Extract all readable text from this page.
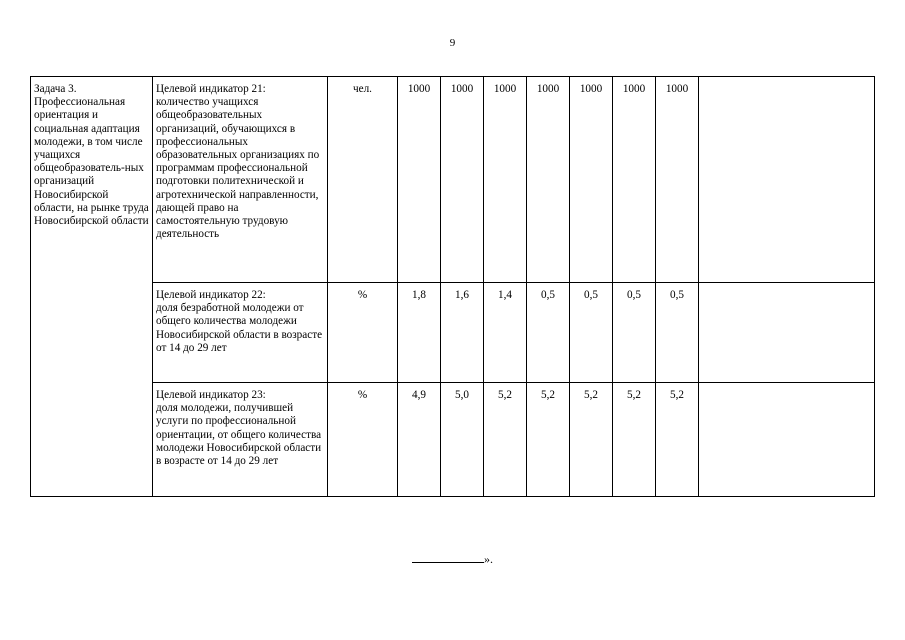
9
Задача 3. Профессиональная ориентация и социальная адаптация молодежи, в том числе учащихся общеобразователь-ных организаций Новосибирской области, на рынке труда Новосибирской области	Целевой индикатор 21:
количество учащихся общеобразовательных организаций, обучающихся в профессиональных образовательных организациях по программам профессиональной подготовки политехнической и агротехнической направленности, дающей право на самостоятельную трудовую деятельность	чел.	1000	1000	1000	1000	1000	1000	1000	

	Целевой индикатор 22:
доля безработной молодежи от общего количества молодежи Новосибирской области в возрасте от 14 до 29 лет	%	1,8	1,6	1,4	0,5	0,5	0,5	0,5	

	Целевой индикатор 23:
доля молодежи, получившей услуги по профессиональной ориентации, от общего количества молодежи Новосибирской области в возрасте от 14 до 29 лет	%	4,9	5,0	5,2	5,2	5,2	5,2	5,2	
».
